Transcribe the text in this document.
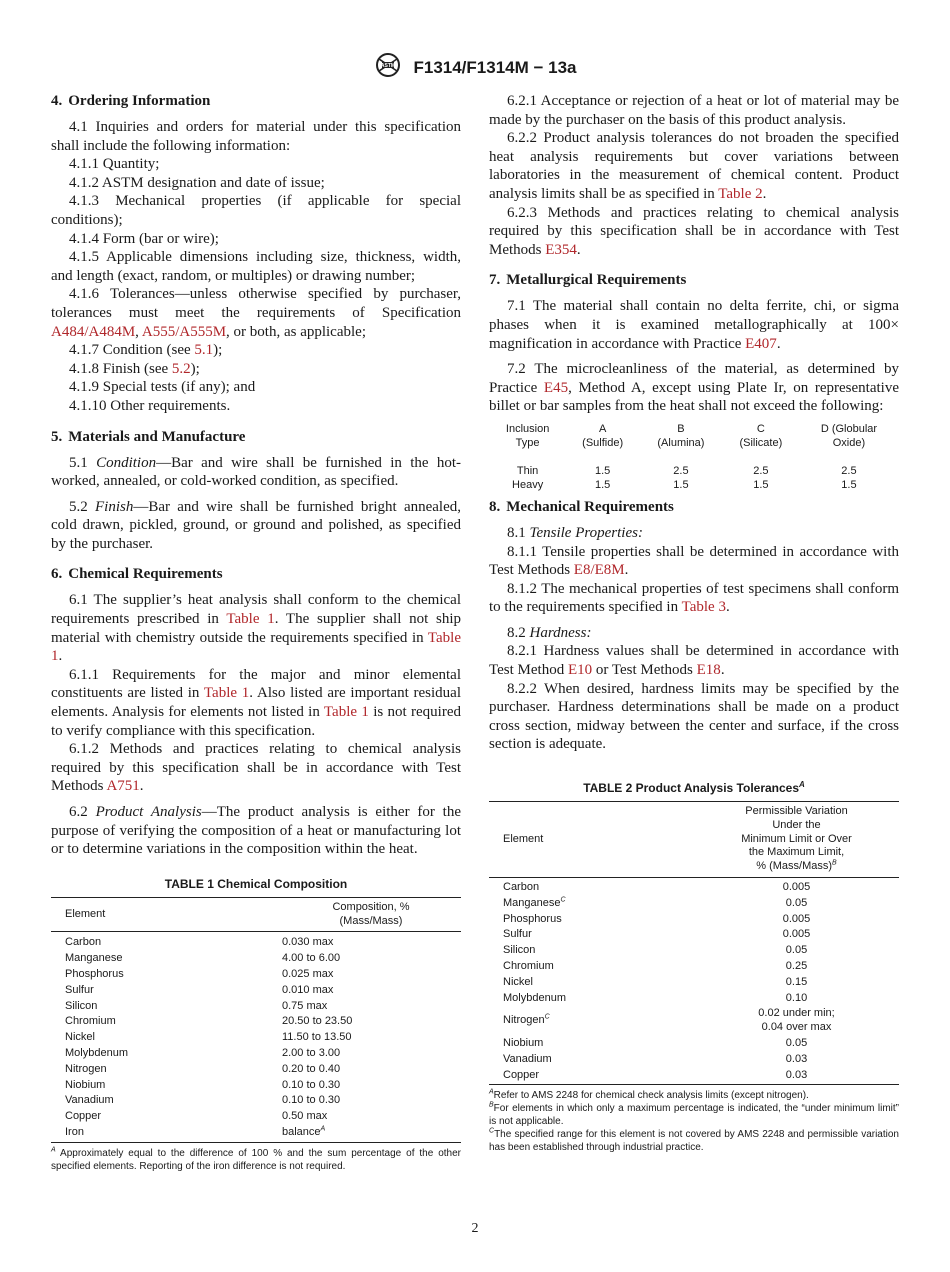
ASTM F1314/F1314M − 13a
4. Ordering Information

4.1 Inquiries and orders for material under this specification shall include the following information:

4.1.1 Quantity;

4.1.2 ASTM designation and date of issue;

4.1.3 Mechanical properties (if applicable for special conditions);

4.1.4 Form (bar or wire);

4.1.5 Applicable dimensions including size, thickness, width, and length (exact, random, or multiples) or drawing number;

4.1.6 Tolerances—unless otherwise specified by purchaser, tolerances must meet the requirements of Specification A484/A484M, A555/A555M, or both, as applicable;

4.1.7 Condition (see 5.1);

4.1.8 Finish (see 5.2);

4.1.9 Special tests (if any); and

4.1.10 Other requirements.

5. Materials and Manufacture

5.1 Condition—Bar and wire shall be furnished in the hot-worked, annealed, or cold-worked condition, as specified.

5.2 Finish—Bar and wire shall be furnished bright annealed, cold drawn, pickled, ground, or ground and polished, as specified by the purchaser.

6. Chemical Requirements

6.1 The supplier’s heat analysis shall conform to the chemical requirements prescribed in Table 1. The supplier shall not ship material with chemistry outside the requirements specified in Table 1.

6.1.1 Requirements for the major and minor elemental constituents are listed in Table 1. Also listed are important residual elements. Analysis for elements not listed in Table 1 is not required to verify compliance with this specification.

6.1.2 Methods and practices relating to chemical analysis required by this specification shall be in accordance with Test Methods A751.

6.2 Product Analysis—The product analysis is either for the purpose of verifying the composition of a heat or manufacturing lot or to determine variations in the composition within the heat.

TABLE 1 Chemical Composition
Element	Composition, %
(Mass/Mass)
Carbon	0.030 max
Manganese	4.00 to 6.00
Phosphorus	0.025 max
Sulfur	0.010 max
Silicon	0.75 max
Chromium	20.50 to 23.50
Nickel	11.50 to 13.50
Molybdenum	2.00 to 3.00
Nitrogen	0.20 to 0.40
Niobium	0.10 to 0.30
Vanadium	0.10 to 0.30
Copper	0.50 max
Iron	balance$^A$
$^A$ Approximately equal to the difference of 100 % and the sum percentage of the other specified elements. Reporting of the iron difference is not required.

6.2.1 Acceptance or rejection of a heat or lot of material may be made by the purchaser on the basis of this product analysis.

6.2.2 Product analysis tolerances do not broaden the specified heat analysis requirements but cover variations between laboratories in the measurement of chemical content. Product analysis limits shall be as specified in Table 2.

6.2.3 Methods and practices relating to chemical analysis required by this specification shall be in accordance with Test Methods E354.

7. Metallurgical Requirements

7.1 The material shall contain no delta ferrite, chi, or sigma phases when it is examined metallographically at 100× magnification in accordance with Practice E407.

7.2 The microcleanliness of the material, as determined by Practice E45, Method A, except using Plate Ir, on representative billet or bar samples from the heat shall not exceed the following:

Inclusion	A	B	C	D (Globular
Type	(Sulfide)	(Alumina)	(Silicate)	Oxide)

Thin	1.5	2.5	2.5	2.5
Heavy	1.5	1.5	1.5	1.5
8. Mechanical Requirements

8.1 Tensile Properties:

8.1.1 Tensile properties shall be determined in accordance with Test Methods E8/E8M.

8.1.2 The mechanical properties of test specimens shall conform to the requirements specified in Table 3.

8.2 Hardness:

8.2.1 Hardness values shall be determined in accordance with Test Method E10 or Test Methods E18.

8.2.2 When desired, hardness limits may be specified by the purchaser. Hardness determinations shall be made on a product cross section, midway between the center and surface, if the cross section is adequate.

TABLE 2 Product Analysis Tolerances$^A$
Element	Permissible Variation
Under the
Minimum Limit or Over
the Maximum Limit,
% (Mass/Mass)$^B$
Carbon	0.005
Manganese$^C$	0.05
Phosphorus	0.005
Sulfur	0.005
Silicon	0.05
Chromium	0.25
Nickel	0.15
Molybdenum	0.10
Nitrogen$^C$	0.02 under min;
0.04 over max
Niobium	0.05
Vanadium	0.03
Copper	0.03
$^A$Refer to AMS 2248 for chemical check analysis limits (except nitrogen).
$^B$For elements in which only a maximum percentage is indicated, the “under minimum limit” is not applicable.
$^C$The specified range for this element is not covered by AMS 2248 and permissible variation has been established through industrial practice.
2
